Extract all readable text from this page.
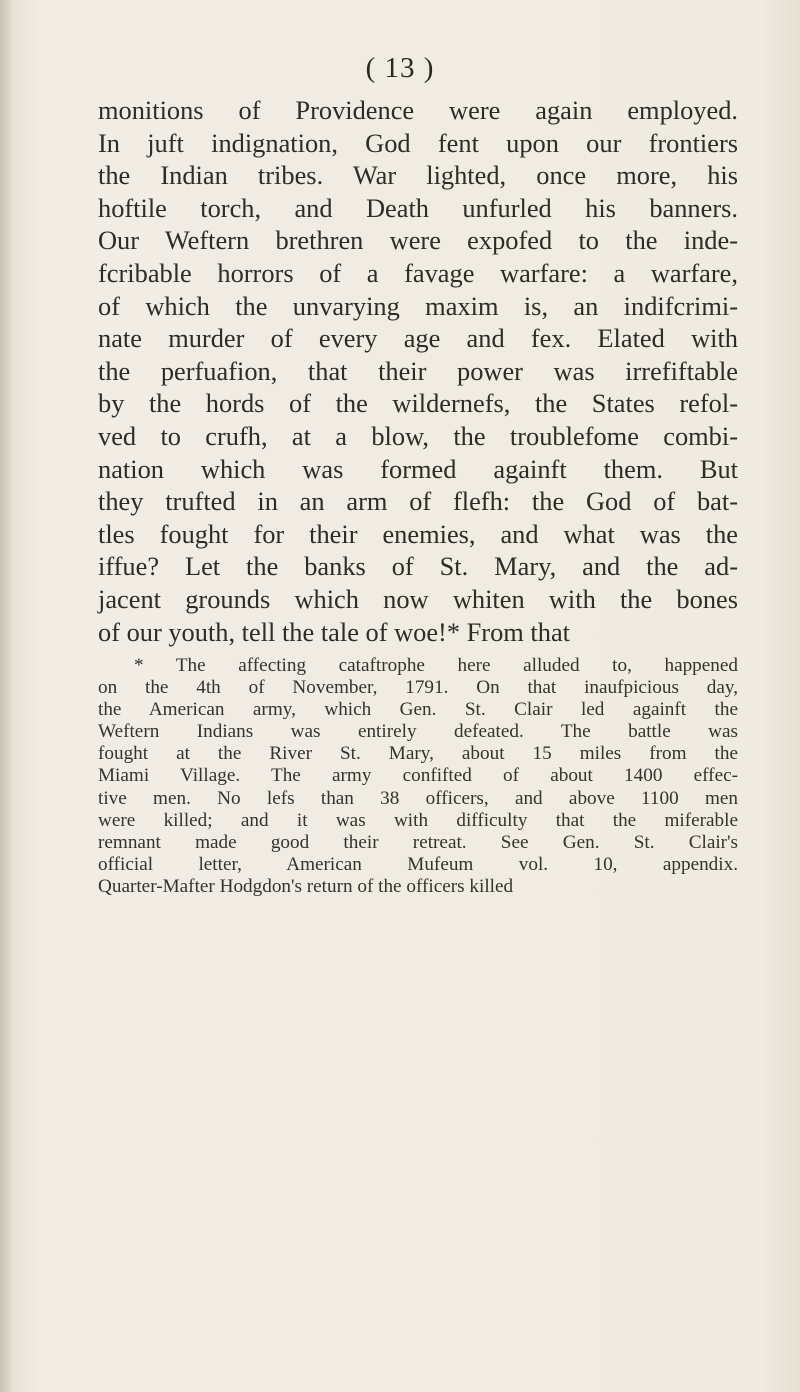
( 13 )
monitions of Providence were again employed.
In juft indignation, God fent upon our frontiers
the Indian tribes. War lighted, once more, his
hoftile torch, and Death unfurled his banners.
Our Weftern brethren were expofed to the inde-
fcribable horrors of a favage warfare: a warfare,
of which the unvarying maxim is, an indifcrimi-
nate murder of every age and fex. Elated with
the perfuafion, that their power was irrefiftable
by the hords of the wildernefs, the States refol-
ved to crufh, at a blow, the troublefome combi-
nation which was formed againft them. But
they trufted in an arm of flefh: the God of bat-
tles fought for their enemies, and what was the
iffue? Let the banks of St. Mary, and the ad-
jacent grounds which now whiten with the bones
of our youth, tell the tale of woe!* From that
* The affecting cataftrophe here alluded to, happened
on the 4th of November, 1791. On that inaufpicious day,
the American army, which Gen. St. Clair led againft the
Weftern Indians was entirely defeated. The battle was
fought at the River St. Mary, about 15 miles from the
Miami Village. The army confifted of about 1400 effec-
tive men. No lefs than 38 officers, and above 1100 men
were killed; and it was with difficulty that the miferable
remnant made good their retreat. See Gen. St. Clair's
official letter, American Mufeum vol. 10, appendix.
Quarter-Mafter Hodgdon's return of the officers killed
